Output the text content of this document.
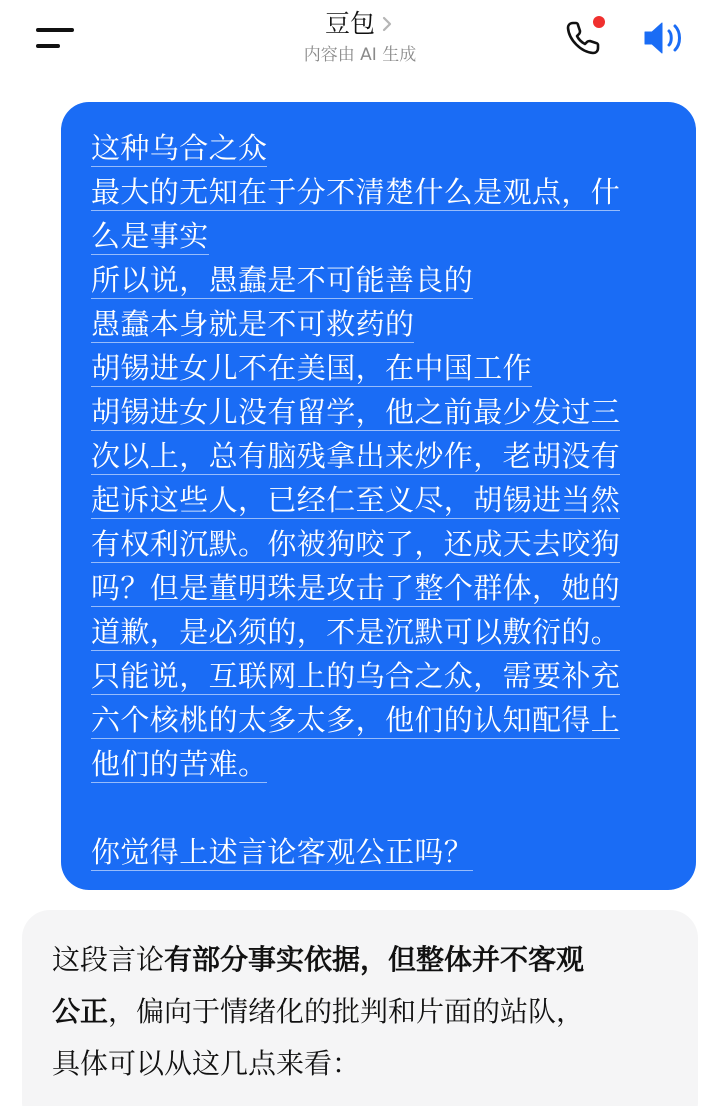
豆包
内容由 AI 生成
这种乌合之众
最大的无知在于分不清楚什么是观点，什
么是事实
所以说，愚蠢是不可能善良的
愚蠢本身就是不可救药的
胡锡进女儿不在美国，在中国工作
胡锡进女儿没有留学，他之前最少发过三
次以上，总有脑残拿出来炒作，老胡没有
起诉这些人，已经仁至义尽，胡锡进当然
有权利沉默。你被狗咬了，还成天去咬狗
吗？但是董明珠是攻击了整个群体，她的
道歉，是必须的，不是沉默可以敷衍的。
只能说，互联网上的乌合之众，需要补充
六个核桃的太多太多，他们的认知配得上
他们的苦难。
你觉得上述言论客观公正吗？
这段言论有部分事实依据，但整体并不客观
公正，偏向于情绪化的批判和片面的站队，
具体可以从这几点来看：
